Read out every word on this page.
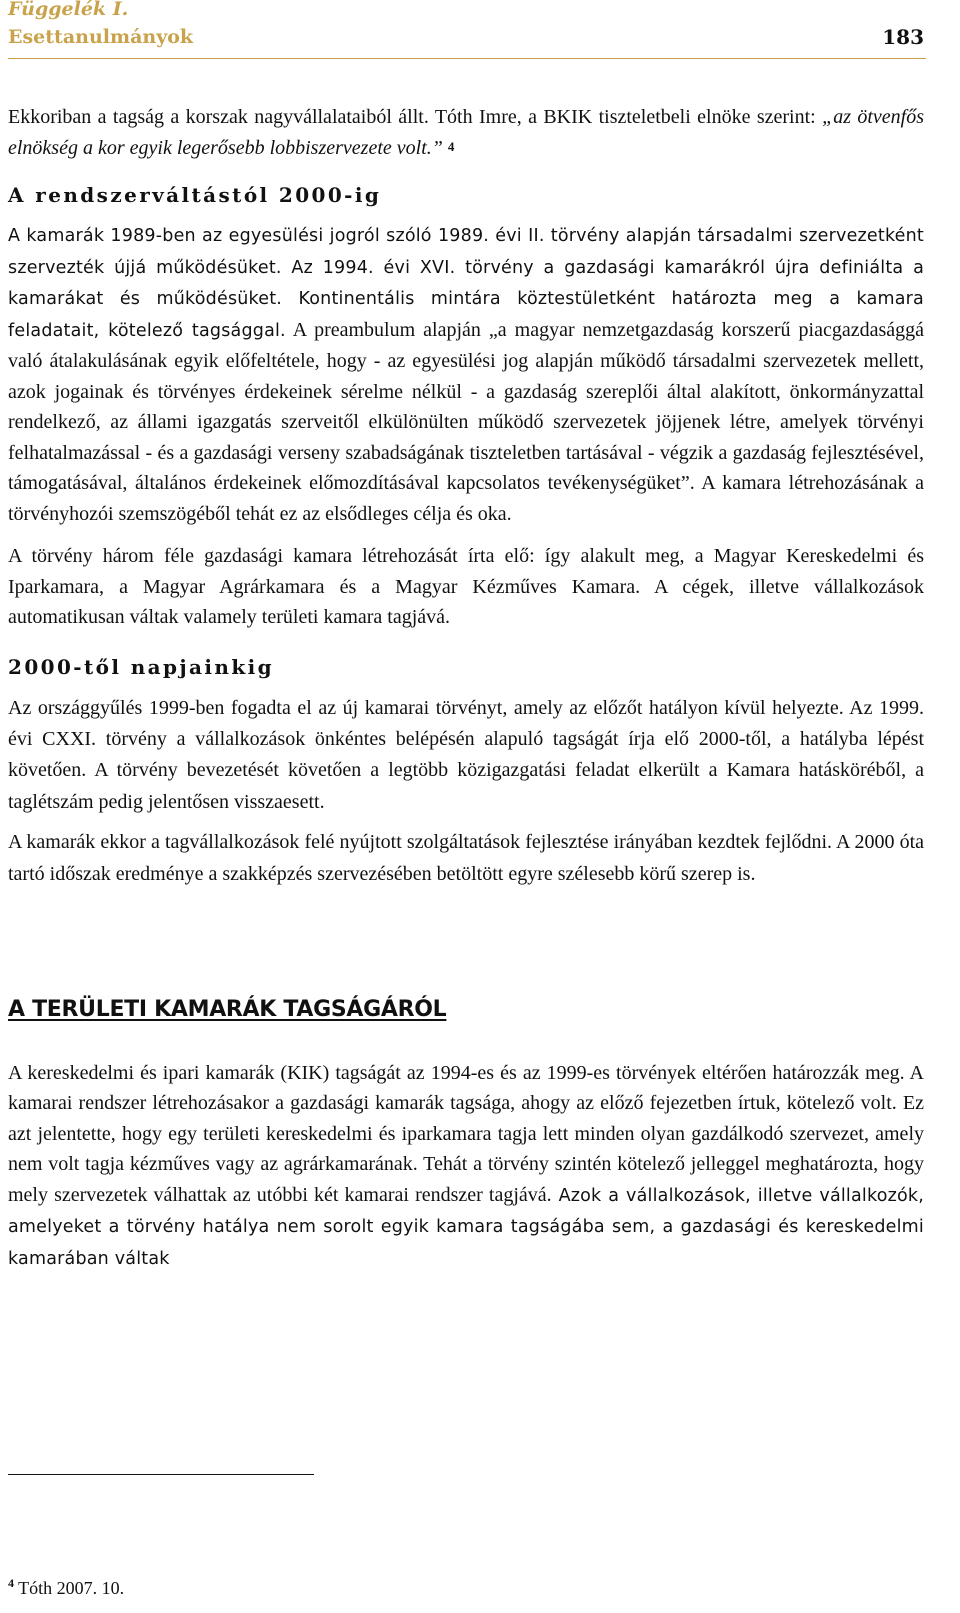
Függelék I.
Esettanulmányok	183

Ekkoriban a tagság a korszak nagyvállalataiból állt. Tóth Imre, a BKIK tiszteletbeli elnöke szerint: „az ötvenfős elnökség a kor egyik legerősebb lobbiszervezete volt.” $^4$

A rendszerváltástól 2000-ig

A kamarák 1989-ben az egyesülési jogról szóló 1989. évi II. törvény alapján társadalmi szervezetként szervezték újjá működésüket. Az 1994. évi XVI. törvény a gazdasági kamarákról újra definiálta a kamarákat és működésüket. Kontinentális mintára köztestületként határozta meg a kamara feladatait, kötelező tagsággal. A preambulum alapján „a magyar nemzetgazdaság korszerű piacgazdasággá való átalakulásának egyik előfeltétele, hogy - az egyesülési jog alapján működő társadalmi szervezetek mellett, azok jogainak és törvényes érdekeinek sérelme nélkül - a gazdaság szereplői által alakított, önkormányzattal rendelkező, az állami igazgatás szerveitől elkülönülten működő szervezetek jöjjenek létre, amelyek törvényi felhatalmazással - és a gazdasági verseny szabadságának tiszteletben tartásával - végzik a gazdaság fejlesztésével, támogatásával, általános érdekeinek előmozdításával kapcsolatos tevékenységüket”. A kamara létrehozásának a törvényhozói szemszögéből tehát ez az elsődleges célja és oka.

A törvény három féle gazdasági kamara létrehozását írta elő: így alakult meg, a Magyar Kereskedelmi és Iparkamara, a Magyar Agrárkamara és a Magyar Kézműves Kamara. A cégek, illetve vállalkozások automatikusan váltak valamely területi kamara tagjává.

2000-től napjainkig

Az országgyűlés 1999-ben fogadta el az új kamarai törvényt, amely az előzőt hatályon kívül helyezte. Az 1999. évi CXXI. törvény a vállalkozások önkéntes belépésén alapuló tagságát írja elő 2000-től, a hatályba lépést követően. A törvény bevezetését követően a legtöbb közigazgatási feladat elkerült a Kamara hatásköréből, a taglétszám pedig jelentősen visszaesett.

A kamarák ekkor a tagvállalkozások felé nyújtott szolgáltatások fejlesztése irányában kezdtek fejlődni. A 2000 óta tartó időszak eredménye a szakképzés szervezésében betöltött egyre szélesebb körű szerep is.

A TERÜLETI KAMARÁK TAGSÁGÁRÓL

A kereskedelmi és ipari kamarák (KIK) tagságát az 1994-es és az 1999-es törvények eltérően határozzák meg. A kamarai rendszer létrehozásakor a gazdasági kamarák tagsága, ahogy az előző fejezetben írtuk, kötelező volt. Ez azt jelentette, hogy egy területi kereskedelmi és iparkamara tagja lett minden olyan gazdálkodó szervezet, amely nem volt tagja kézműves vagy az agrárkamarának. Tehát a törvény szintén kötelező jelleggel meghatározta, hogy mely szervezetek válhattak az utóbbi két kamarai rendszer tagjává. Azok a vállalkozások, illetve vállalkozók, amelyeket a törvény hatálya nem sorolt egyik kamara tagságába sem, a gazdasági és kereskedelmi kamarában váltak

$^4$ Tóth 2007. 10.
